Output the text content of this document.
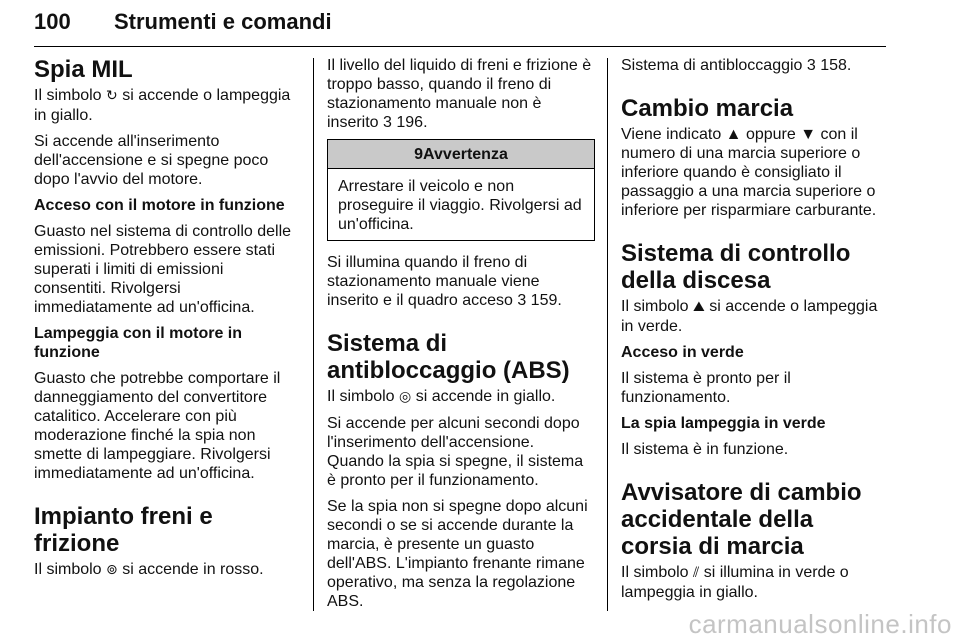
100 Strumenti e comandi
Spia MIL

Il simbolo ↻ si accende o lampeggia in giallo.

Si accende all'inserimento dell'accensione e si spegne poco dopo l'avvio del motore.

Acceso con il motore in funzione

Guasto nel sistema di controllo delle emissioni. Potrebbero essere stati superati i limiti di emissioni consentiti. Rivolgersi immediatamente ad un'officina.

Lampeggia con il motore in funzione

Guasto che potrebbe comportare il danneggiamento del convertitore catalitico. Accelerare con più moderazione finché la spia non smette di lampeggiare. Rivolgersi immediatamente ad un'officina.

Impianto freni e frizione

Il simbolo ⊚ si accende in rosso.

Il livello del liquido di freni e frizione è troppo basso, quando il freno di stazionamento manuale non è inserito 3 196.

9Avvertenza
Arrestare il veicolo e non proseguire il viaggio. Rivolgersi ad un'officina.

Si illumina quando il freno di stazionamento manuale viene inserito e il quadro acceso 3 159.

Sistema di antibloccaggio (ABS)

Il simbolo ◎ si accende in giallo.

Si accende per alcuni secondi dopo l'inserimento dell'accensione. Quando la spia si spegne, il sistema è pronto per il funzionamento.

Se la spia non si spegne dopo alcuni secondi o se si accende durante la marcia, è presente un guasto dell'ABS. L'impianto frenante rimane operativo, ma senza la regolazione ABS.

Sistema di antibloccaggio 3 158.

Cambio marcia

Viene indicato ▲ oppure ▼ con il numero di una marcia superiore o inferiore quando è consigliato il passaggio a una marcia superiore o inferiore per risparmiare carburante.

Sistema di controllo della discesa

Il simbolo ⛰ si accende o lampeggia in verde.

Acceso in verde

Il sistema è pronto per il funzionamento.

La spia lampeggia in verde

Il sistema è in funzione.

Avvisatore di cambio accidentale della corsia di marcia

Il simbolo ⫽ si illumina in verde o lampeggia in giallo.

carmanualsonline.info
